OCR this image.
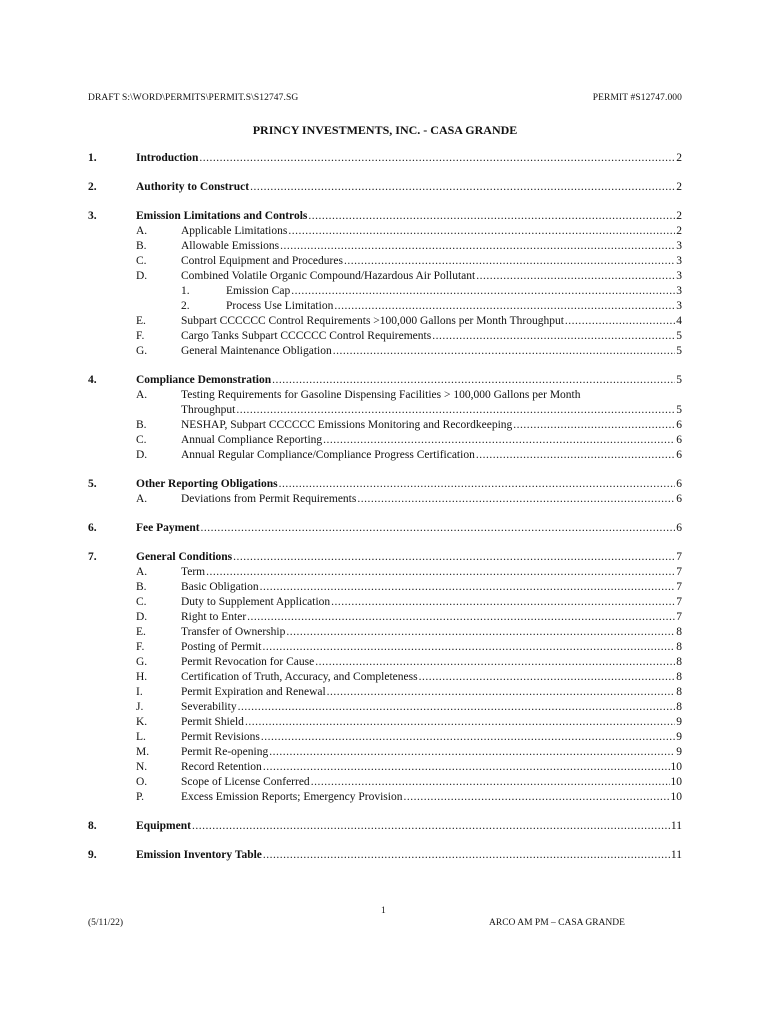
DRAFT S:\WORD\PERMITS\PERMIT.S\S12747.SG	PERMIT #S12747.000
PRINCY INVESTMENTS, INC. - CASA GRANDE
1.	Introduction .....	2
2.	Authority to Construct .....	2
3.	Emission Limitations and Controls .....	2
A.	Applicable Limitations .....	2
B.	Allowable Emissions .....	3
C.	Control Equipment and Procedures .....	3
D.	Combined Volatile Organic Compound/Hazardous Air Pollutant .....	3
1.	Emission Cap .....	3
2.	Process Use Limitation .....	3
E.	Subpart CCCCCC Control Requirements >100,000 Gallons per Month Throughput .....	4
F.	Cargo Tanks Subpart CCCCCC Control Requirements .....	5
G.	General Maintenance Obligation .....	5
4.	Compliance Demonstration .....	5
A.	Testing Requirements for Gasoline Dispensing Facilities > 100,000 Gallons per Month
Throughput .....	5
B.	NESHAP, Subpart CCCCCC Emissions Monitoring and Recordkeeping .....	6
C.	Annual Compliance Reporting .....	6
D.	Annual Regular Compliance/Compliance Progress Certification .....	6
5.	Other Reporting Obligations .....	6
A.	Deviations from Permit Requirements .....	6
6.	Fee Payment .....	6
7.	General Conditions .....	7
A.	Term .....	7
B.	Basic Obligation .....	7
C.	Duty to Supplement Application .....	7
D.	Right to Enter .....	7
E.	Transfer of Ownership .....	8
F.	Posting of Permit .....	8
G.	Permit Revocation for Cause .....	8
H.	Certification of Truth, Accuracy, and Completeness .....	8
I.	Permit Expiration and Renewal .....	8
J.	Severability .....	8
K.	Permit Shield .....	9
L.	Permit Revisions .....	9
M.	Permit Re-opening .....	9
N.	Record Retention .....	10
O.	Scope of License Conferred .....	10
P.	Excess Emission Reports; Emergency Provision .....	10
8.	Equipment .....	11
9.	Emission Inventory Table .....	11
(5/11/22)
1
ARCO AM PM – CASA GRANDE
